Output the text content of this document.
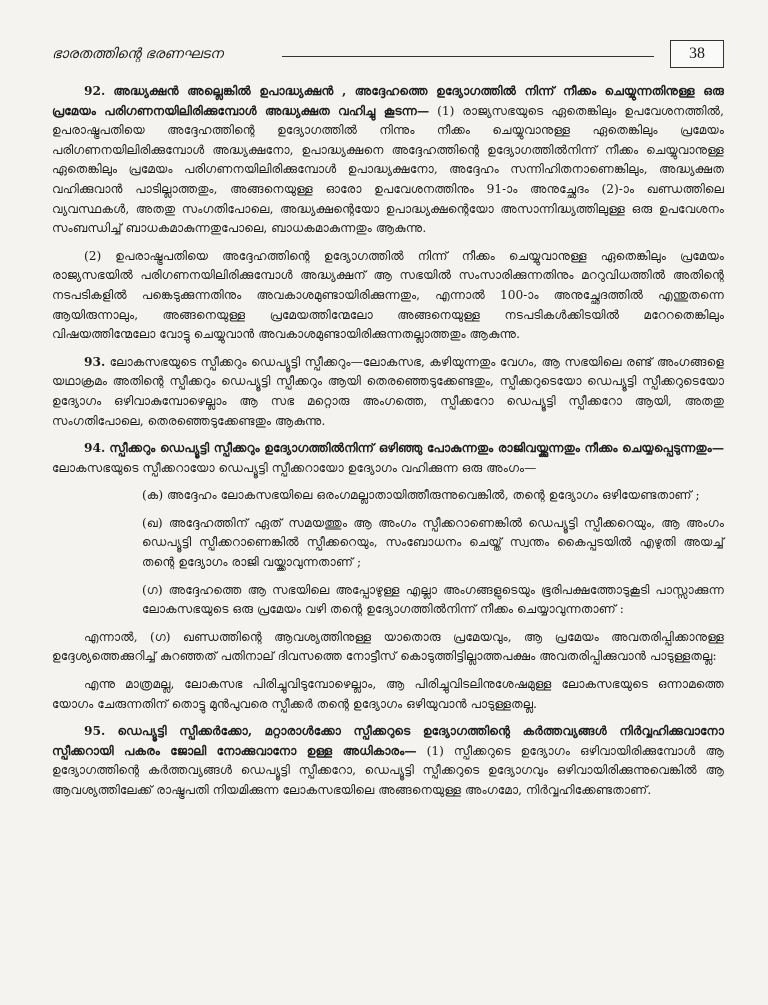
ഭാരതത്തിന്റെ ഭരണഘടന	38

92. അദ്ധ്യക്ഷൻ അല്ലെങ്കിൽ ഉപാദ്ധ്യക്ഷൻ , അദ്ദേഹത്തെ ഉദ്യോഗത്തിൽ നിന്ന് നീക്കം ചെയ്യുന്നതിനുള്ള ഒരു പ്രമേയം പരിഗണനയിലിരിക്കുമ്പോൾ അദ്ധ്യക്ഷത വഹിച്ചു കൂടന്ന— (1) രാജ്യസഭയുടെ ഏതെങ്കിലും ഉപവേശനത്തിൽ, ഉപരാഷ്ട്രപതിയെ അദ്ദേഹത്തിന്റെ ഉദ്യോഗത്തിൽ നിന്നും നീക്കം ചെയ്യുവാനുള്ള ഏതെങ്കിലും പ്രമേയം പരിഗണനയിലിരിക്കുമ്പോൾ അദ്ധ്യക്ഷനോ, ഉപാദ്ധ്യക്ഷനെ അദ്ദേഹത്തിന്റെ ഉദ്യോഗത്തിൽനിന്ന് നീക്കം ചെയ്യുവാനുള്ള ഏതെങ്കിലും പ്രമേയം പരിഗണനയിലിരിക്കുമ്പോൾ ഉപാദ്ധ്യക്ഷനോ, അദ്ദേഹം സന്നിഹിതനാണെങ്കിലും, അദ്ധ്യക്ഷത വഹിക്കുവാൻ പാടില്ലാത്തതും, അങ്ങനെയുള്ള ഓരോ ഉപവേശനത്തിനും 91-ാം അനുച്ഛേദം (2)-ാം ഖണ്ഡത്തിലെ വ്യവസ്ഥകൾ, അതതു സംഗതിപോലെ, അദ്ധ്യക്ഷന്റെയോ ഉപാദ്ധ്യക്ഷന്റെയോ അസാന്നിദ്ധ്യത്തിലുള്ള ഒരു ഉപവേശനം സംബന്ധിച്ച് ബാധകമാകുന്നതുപോലെ, ബാധകമാകുന്നതും ആകുന്നു.

(2) ഉപരാഷ്ട്രപതിയെ അദ്ദേഹത്തിന്റെ ഉദ്യോഗത്തിൽ നിന്ന് നീക്കം ചെയ്യുവാനുള്ള ഏതെങ്കിലും പ്രമേയം രാജ്യസഭയിൽ പരിഗണനയിലിരിക്കുമ്പോൾ അദ്ധ്യക്ഷന് ആ സഭയിൽ സംസാരിക്കുന്നതിനും മററുവിധത്തിൽ അതിന്റെ നടപടികളിൽ പങ്കെടുക്കുന്നതിനും അവകാശമുണ്ടായിരിക്കുന്നതും, എന്നാൽ 100-ാം അനുച്ഛേദത്തിൽ എന്തുതന്നെ ആയിരുന്നാലും, അങ്ങനെയുള്ള പ്രമേയത്തിന്മേലോ അങ്ങനെയുള്ള നടപടികൾക്കിടയിൽ മറേറതെങ്കിലും വിഷയത്തിന്മേലോ വോട്ടു ചെയ്യുവാൻ അവകാശമുണ്ടായിരിക്കുന്നതല്ലാത്തതും ആകുന്നു.

93. ലോകസഭയുടെ സ്പീക്കറും ഡെപ്യൂട്ടി സ്പീക്കറും—ലോകസഭ, കഴിയുന്നതും വേഗം, ആ സഭയിലെ രണ്ട് അംഗങ്ങളെ യഥാക്രമം അതിന്റെ സ്പീക്കറും ഡെപ്യൂട്ടി സ്പീക്കറും ആയി തെരഞ്ഞെടുക്കേണ്ടതും, സ്പീക്കറുടെയോ ഡെപ്യൂട്ടി സ്പീക്കറുടെയോ ഉദ്യോഗം ഒഴിവാകുമ്പോഴെല്ലാം ആ സഭ മറ്റൊരു അംഗത്തെ, സ്പീക്കറോ ഡെപ്യൂട്ടി സ്പീക്കറോ ആയി, അതതു സംഗതിപോലെ, തെരഞ്ഞെടുക്കേണ്ടതും ആകുന്നു.

94. സ്പീക്കറും ഡെപ്യൂട്ടി സ്പീക്കറും ഉദ്യോഗത്തിൽനിന്ന് ഒഴിഞ്ഞു പോകുന്നതും രാജിവയ്ക്കുന്നതും നീക്കം ചെയ്യപ്പെടുന്നതും— ലോകസഭയുടെ സ്പീക്കറായോ ഡെപ്യൂട്ടി സ്പീക്കറായോ ഉദ്യോഗം വഹിക്കുന്ന ഒരു അംഗം—

(ക) അദ്ദേഹം ലോകസഭയിലെ ഒരംഗമല്ലാതായിത്തീരുന്നുവെങ്കിൽ, തന്റെ ഉദ്യോഗം ഒഴിയേണ്ടതാണ് ;

(ഖ) അദ്ദേഹത്തിന് ഏത് സമയത്തും ആ അംഗം സ്പീക്കറാണെങ്കിൽ ഡെപ്യൂട്ടി സ്പീക്കറെയും, ആ അംഗം ഡെപ്യൂട്ടി സ്പീക്കറാണെങ്കിൽ സ്പീക്കറെയും, സംബോധനം ചെയ്ത് സ്വന്തം കൈപ്പടയിൽ എഴുതി അയച്ച് തന്റെ ഉദ്യോഗം രാജി വയ്ക്കാവുന്നതാണ് ;

(ഗ) അദ്ദേഹത്തെ ആ സഭയിലെ അപ്പോഴുള്ള എല്ലാ അംഗങ്ങളുടെയും ഭൂരിപക്ഷത്തോടുകൂടി പാസ്സാക്കുന്ന ലോകസഭയുടെ ഒരു പ്രമേയം വഴി തന്റെ ഉദ്യോഗത്തിൽനിന്ന് നീക്കം ചെയ്യാവുന്നതാണ് :

എന്നാൽ, (ഗ) ഖണ്ഡത്തിന്റെ ആവശ്യത്തിനുള്ള യാതൊരു പ്രമേയവും, ആ പ്രമേയം അവതരിപ്പിക്കാനുള്ള ഉദ്ദേശ്യത്തെക്കുറിച്ച് കുറഞ്ഞത് പതിനാല് ദിവസത്തെ നോട്ടീസ് കൊടുത്തിട്ടില്ലാത്തപക്ഷം അവതരിപ്പിക്കുവാൻ പാടുള്ളതല്ല:

എന്നു മാത്രമല്ല, ലോകസഭ പിരിച്ചുവിടുമ്പോഴെല്ലാം, ആ പിരിച്ചുവിടലിനുശേഷമുള്ള ലോകസഭയുടെ ഒന്നാമത്തെ യോഗം ചേരുന്നതിന് തൊട്ടു മുൻപുവരെ സ്പീക്കർ തന്റെ ഉദ്യോഗം ഒഴിയുവാൻ പാടുള്ളതല്ല.

95. ഡെപ്യൂട്ടി സ്പീക്കർക്കോ, മറ്റാരാൾക്കോ സ്പീക്കറുടെ ഉദ്യോഗത്തിന്റെ കർത്തവ്യങ്ങൾ നിർവ്വഹിക്കുവാനോ സ്പീക്കറായി പകരം ജോലി നോക്കുവാനോ ഉള്ള അധികാരം— (1) സ്പീക്കറുടെ ഉദ്യോഗം ഒഴിവായിരിക്കുമ്പോൾ ആ ഉദ്യോഗത്തിന്റെ കർത്തവ്യങ്ങൾ ഡെപ്യൂട്ടി സ്പീക്കറോ, ഡെപ്യൂട്ടി സ്പീക്കറുടെ ഉദ്യോഗവും ഒഴിവായിരിക്കുന്നുവെങ്കിൽ ആ ആവശ്യത്തിലേക്ക് രാഷ്ട്രപതി നിയമിക്കുന്ന ലോകസഭയിലെ അങ്ങനെയുള്ള അംഗമോ, നിർവ്വഹിക്കേണ്ടതാണ്.
